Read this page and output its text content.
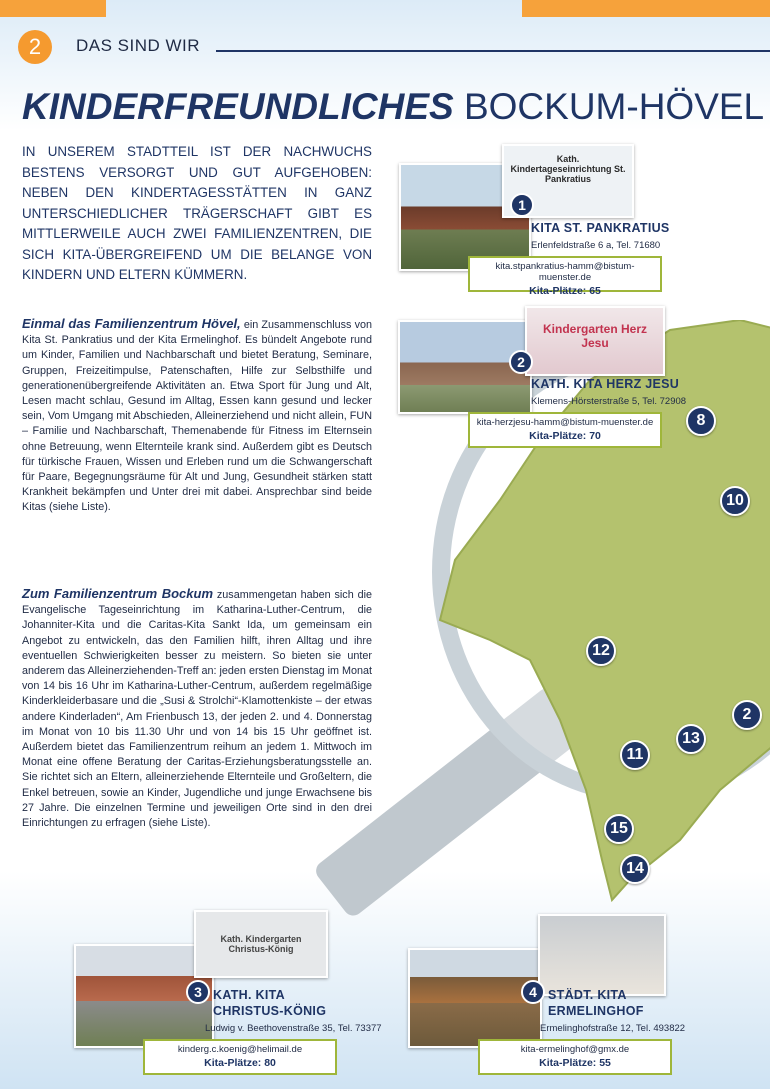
2	DAS SIND WIR
KINDERFREUNDLICHES BOCKUM-HÖVEL
IN UNSEREM STADTTEIL IST DER NACHWUCHS BESTENS VERSORGT UND GUT AUFGEHOBEN: NEBEN DEN KINDERTAGESSTÄTTEN IN GANZ UNTERSCHIEDLICHER TRÄGERSCHAFT GIBT ES MITTLERWEILE AUCH ZWEI FAMILIENZENTREN, DIE SICH KITA-ÜBERGREIFEND UM DIE BELANGE VON KINDERN UND ELTERN KÜMMERN.
Einmal das Familienzentrum Hövel, ein Zusammenschluss von Kita St. Pankratius und der Kita Ermelinghof. Es bündelt Angebote rund um Kinder, Familien und Nachbarschaft und bietet Beratung, Seminare, Gruppen, Freizeitimpulse, Patenschaften, Hilfe zur Selbsthilfe und generationenübergreifende Aktivitäten an. Etwa Sport für Jung und Alt, Lesen macht schlau, Gesund im Alltag, Essen kann gesund und lecker sein, Vom Umgang mit Abschieden, Alleinerziehend und nicht allein, FUN – Familie und Nachbarschaft, Themenabende für Fitness im Elternsein ohne Betreuung, wenn Elternteile krank sind. Außerdem gibt es Deutsch für türkische Frauen, Wissen und Erleben rund um die Schwangerschaft für Paare, Begegnungsräume für Alt und Jung, Gesundheit stärken statt Krankheit bekämpfen und Unter drei mit dabei. Ansprechbar sind beide Kitas (siehe Liste).
Zum Familienzentrum Bockum zusammengetan haben sich die Evangelische Tageseinrichtung im Katharina-Luther-Centrum, die Johanniter-Kita und die Caritas-Kita Sankt Ida, um gemeinsam ein Angebot zu entwickeln, das den Familien hilft, ihren Alltag und ihre eventuellen Schwierigkeiten besser zu meistern. So bieten sie unter anderem das Alleinerziehenden-Treff an: jeden ersten Dienstag im Monat von 14 bis 16 Uhr im Katharina-Luther-Centrum, außerdem regelmäßige Kinderkleiderbasare und die „Susi & Strolchi“-Klamottenkiste – der etwas andere Kinderladen“, Am Frienbusch 13, der jeden 2. und 4. Donnerstag im Monat von 10 bis 11.30 Uhr und von 14 bis 15 Uhr geöffnet ist. Außerdem bietet das Familienzentrum reihum an jedem 1. Mittwoch im Monat eine offene Beratung der Caritas-Erziehungsberatungsstelle an. Sie richtet sich an Eltern, alleinerziehende Elternteile und Großeltern, die Enkel betreuen, sowie an Kinder, Jugendliche und junge Erwachsene bis 27 Jahre. Die einzelnen Termine und jeweiligen Orte sind in den drei Einrichtungen zu erfragen (siehe Liste).
8
10
12
2
13
11
15
14
Kath. Kindertageseinrichtung St. Pankratius
1
KITA ST. PANKRATIUS
Erlenfeldstraße 6 a, Tel. 71680
kita.stpankratius-hamm@bistum-muenster.de
Kita-Plätze: 65
Kindergarten Herz Jesu
2
KATH. KITA HERZ JESU
Klemens-Hörsterstraße 5, Tel. 72908
kita-herzjesu-hamm@bistum-muenster.de
Kita-Plätze: 70
Kath. Kindergarten Christus-König
3 KATH. KITA
CHRISTUS-KÖNIG
Ludwig v. Beethovenstraße 35, Tel. 73377
kinderg.c.koenig@helimail.de
Kita-Plätze: 80
4 STÄDT. KITA
ERMELINGHOF
Ermelinghofstraße 12, Tel. 493822
kita-ermelinghof@gmx.de
Kita-Plätze: 55
